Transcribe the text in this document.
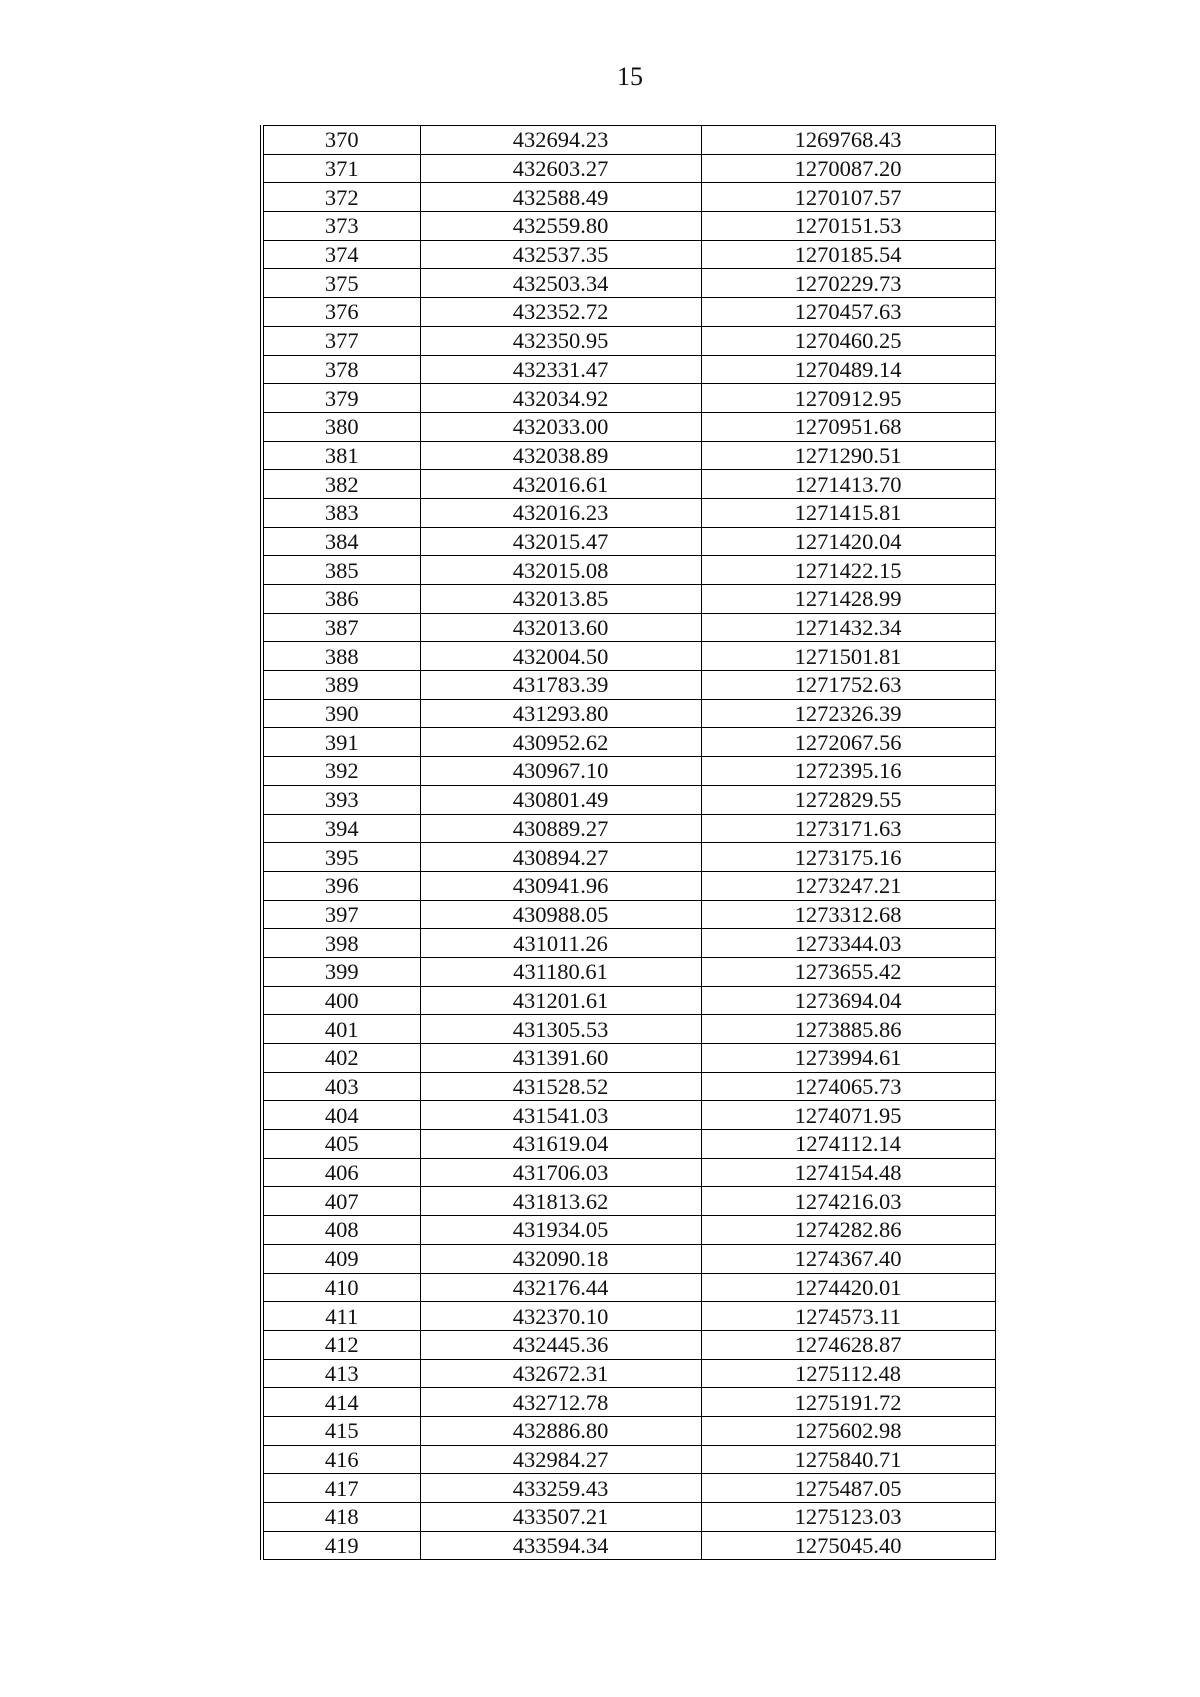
15
370	432694.23	1269768.43
371	432603.27	1270087.20
372	432588.49	1270107.57
373	432559.80	1270151.53
374	432537.35	1270185.54
375	432503.34	1270229.73
376	432352.72	1270457.63
377	432350.95	1270460.25
378	432331.47	1270489.14
379	432034.92	1270912.95
380	432033.00	1270951.68
381	432038.89	1271290.51
382	432016.61	1271413.70
383	432016.23	1271415.81
384	432015.47	1271420.04
385	432015.08	1271422.15
386	432013.85	1271428.99
387	432013.60	1271432.34
388	432004.50	1271501.81
389	431783.39	1271752.63
390	431293.80	1272326.39
391	430952.62	1272067.56
392	430967.10	1272395.16
393	430801.49	1272829.55
394	430889.27	1273171.63
395	430894.27	1273175.16
396	430941.96	1273247.21
397	430988.05	1273312.68
398	431011.26	1273344.03
399	431180.61	1273655.42
400	431201.61	1273694.04
401	431305.53	1273885.86
402	431391.60	1273994.61
403	431528.52	1274065.73
404	431541.03	1274071.95
405	431619.04	1274112.14
406	431706.03	1274154.48
407	431813.62	1274216.03
408	431934.05	1274282.86
409	432090.18	1274367.40
410	432176.44	1274420.01
411	432370.10	1274573.11
412	432445.36	1274628.87
413	432672.31	1275112.48
414	432712.78	1275191.72
415	432886.80	1275602.98
416	432984.27	1275840.71
417	433259.43	1275487.05
418	433507.21	1275123.03
419	433594.34	1275045.40
